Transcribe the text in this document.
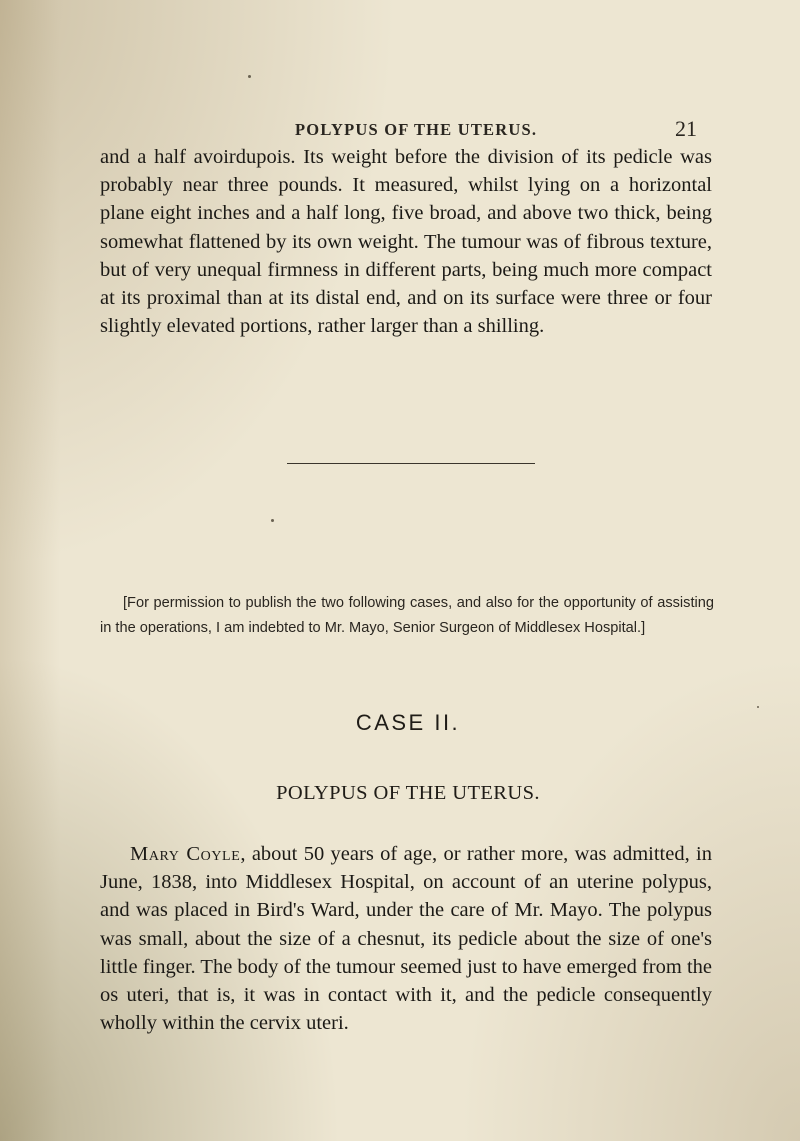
POLYPUS OF THE UTERUS.	21

and a half avoirdupois. Its weight before the division of its pedicle was probably near three pounds. It measured, whilst lying on a horizontal plane eight inches and a half long, five broad, and above two thick, being somewhat flattened by its own weight. The tumour was of fibrous texture, but of very unequal firmness in different parts, being much more compact at its proximal than at its distal end, and on its surface were three or four slightly elevated portions, rather larger than a shilling.

[For permission to publish the two following cases, and also for the opportunity of assisting in the operations, I am indebted to Mr. Mayo, Senior Surgeon of Middlesex Hospital.]

CASE II.
POLYPUS OF THE UTERUS.

Mary Coyle, about 50 years of age, or rather more, was admitted, in June, 1838, into Middlesex Hospital, on account of an uterine polypus, and was placed in Bird's Ward, under the care of Mr. Mayo. The polypus was small, about the size of a chesnut, its pedicle about the size of one's little finger. The body of the tumour seemed just to have emerged from the os uteri, that is, it was in contact with it, and the pedicle consequently wholly within the cervix uteri.
